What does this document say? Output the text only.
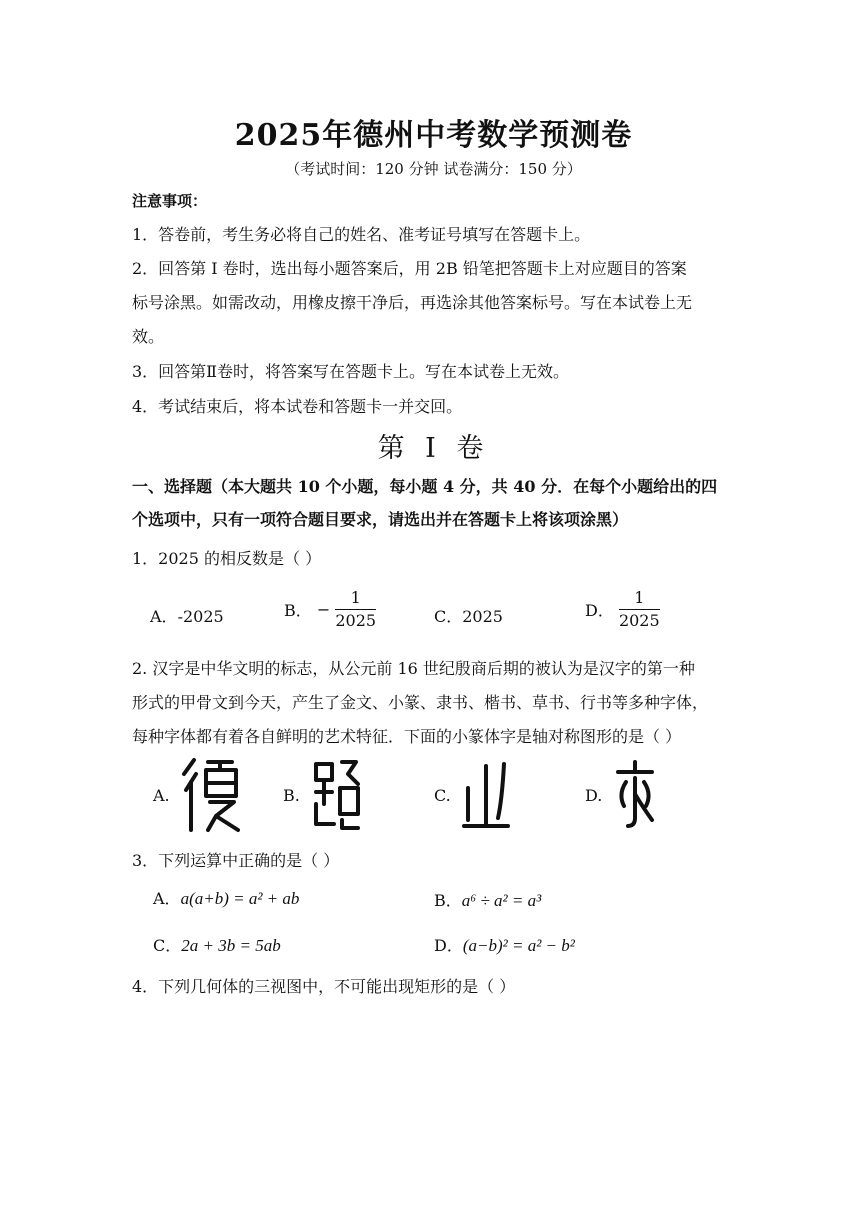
2025年德州中考数学预测卷
（考试时间：120 分钟 试卷满分：150 分）
注意事项：
1．答卷前，考生务必将自己的姓名、准考证号填写在答题卡上。
2．回答第 I 卷时，选出每小题答案后，用 2B 铅笔把答题卡上对应题目的答案
标号涂黑。如需改动，用橡皮擦干净后，再选涂其他答案标号。写在本试卷上无
效。
3．回答第Ⅱ卷时，将答案写在答题卡上。写在本试卷上无效。
4．考试结束后，将本试卷和答题卡一并交回。
第 I 卷
一、选择题（本大题共 10 个小题，每小题 4 分，共 40 分．在每个小题给出的四
个选项中，只有一项符合题目要求，请选出并在答题卡上将该项涂黑）
1．2025 的相反数是（ ）
A．-2025	B． − $\frac{1}{2025}$	C．2025	D． $\frac{1}{2025}$
2. 汉字是中华文明的标志，从公元前 16 世纪殷商后期的被认为是汉字的第一种
形式的甲骨文到今天，产生了金文、小篆、隶书、楷书、草书、行书等多种字体，
每种字体都有着各自鲜明的艺术特征．下面的小篆体字是轴对称图形的是（ ）
A.	B.	C.	D.
3．下列运算中正确的是（ ）
A．a(a+b) = a² + ab	B．a⁶ ÷ a² = a³
C．2a + 3b = 5ab	D．(a−b)² = a² − b²
4．下列几何体的三视图中，不可能出现矩形的是（ ）
